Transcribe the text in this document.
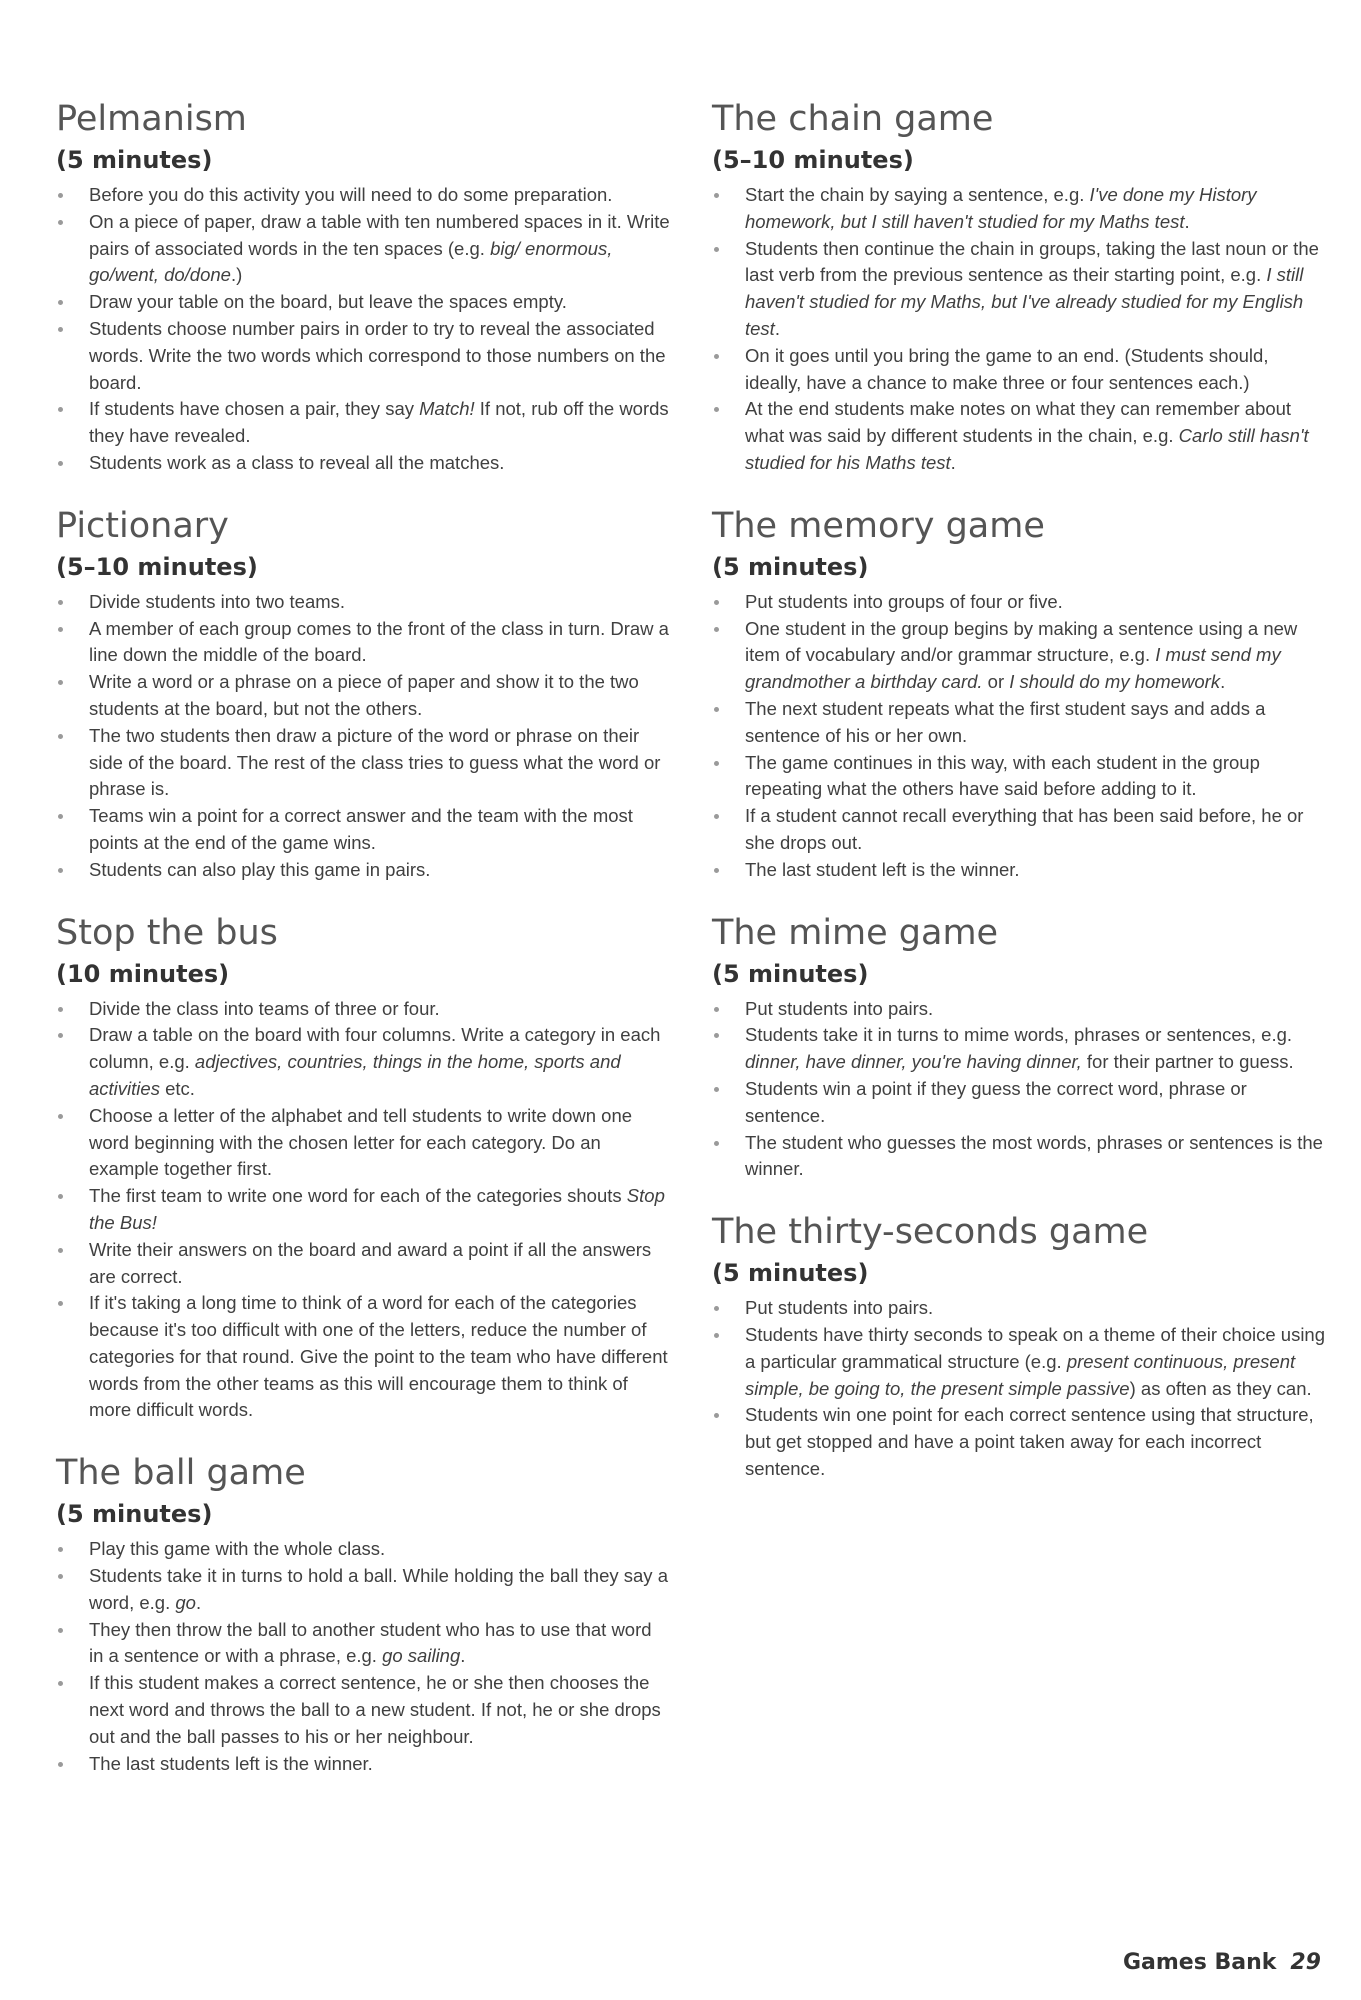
Pelmanism
(5 minutes)
Before you do this activity you will need to do some preparation.
On a piece of paper, draw a table with ten numbered spaces in it. Write pairs of associated words in the ten spaces (e.g. big/ enormous, go/went, do/done.)
Draw your table on the board, but leave the spaces empty.
Students choose number pairs in order to try to reveal the associated words. Write the two words which correspond to those numbers on the board.
If students have chosen a pair, they say Match! If not, rub off the words they have revealed.
Students work as a class to reveal all the matches.
Pictionary
(5–10 minutes)
Divide students into two teams.
A member of each group comes to the front of the class in turn. Draw a line down the middle of the board.
Write a word or a phrase on a piece of paper and show it to the two students at the board, but not the others.
The two students then draw a picture of the word or phrase on their side of the board. The rest of the class tries to guess what the word or phrase is.
Teams win a point for a correct answer and the team with the most points at the end of the game wins.
Students can also play this game in pairs.
Stop the bus
(10 minutes)
Divide the class into teams of three or four.
Draw a table on the board with four columns. Write a category in each column, e.g. adjectives, countries, things in the home, sports and activities etc.
Choose a letter of the alphabet and tell students to write down one word beginning with the chosen letter for each category. Do an example together first.
The first team to write one word for each of the categories shouts Stop the Bus!
Write their answers on the board and award a point if all the answers are correct.
If it's taking a long time to think of a word for each of the categories because it's too difficult with one of the letters, reduce the number of categories for that round. Give the point to the team who have different words from the other teams as this will encourage them to think of more difficult words.
The ball game
(5 minutes)
Play this game with the whole class.
Students take it in turns to hold a ball. While holding the ball they say a word, e.g. go.
They then throw the ball to another student who has to use that word in a sentence or with a phrase, e.g. go sailing.
If this student makes a correct sentence, he or she then chooses the next word and throws the ball to a new student. If not, he or she drops out and the ball passes to his or her neighbour.
The last students left is the winner.
The chain game
(5–10 minutes)
Start the chain by saying a sentence, e.g. I've done my History homework, but I still haven't studied for my Maths test.
Students then continue the chain in groups, taking the last noun or the last verb from the previous sentence as their starting point, e.g. I still haven't studied for my Maths, but I've already studied for my English test.
On it goes until you bring the game to an end. (Students should, ideally, have a chance to make three or four sentences each.)
At the end students make notes on what they can remember about what was said by different students in the chain, e.g. Carlo still hasn't studied for his Maths test.
The memory game
(5 minutes)
Put students into groups of four or five.
One student in the group begins by making a sentence using a new item of vocabulary and/or grammar structure, e.g. I must send my grandmother a birthday card. or I should do my homework.
The next student repeats what the first student says and adds a sentence of his or her own.
The game continues in this way, with each student in the group repeating what the others have said before adding to it.
If a student cannot recall everything that has been said before, he or she drops out.
The last student left is the winner.
The mime game
(5 minutes)
Put students into pairs.
Students take it in turns to mime words, phrases or sentences, e.g. dinner, have dinner, you're having dinner, for their partner to guess.
Students win a point if they guess the correct word, phrase or sentence.
The student who guesses the most words, phrases or sentences is the winner.
The thirty-seconds game
(5 minutes)
Put students into pairs.
Students have thirty seconds to speak on a theme of their choice using a particular grammatical structure (e.g. present continuous, present simple, be going to, the present simple passive) as often as they can.
Students win one point for each correct sentence using that structure, but get stopped and have a point taken away for each incorrect sentence.
Games Bank 29
